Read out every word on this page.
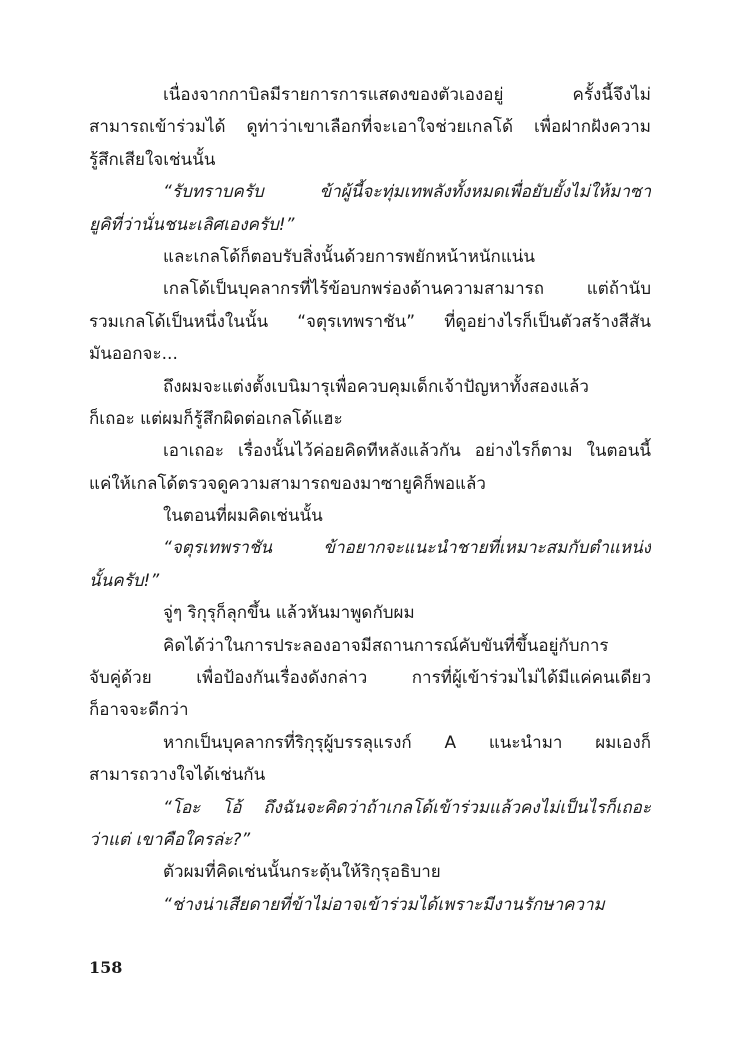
เนื่องจากกาบิลมีรายการการแสดงของตัวเองอยู่ ครั้งนี้จึงไม่
สามารถเข้าร่วมได้ ดูท่าว่าเขาเลือกที่จะเอาใจช่วยเกลโด้ เพื่อฝากฝังความ
รู้สึกเสียใจเช่นนั้น
“รับทราบครับ ข้าผู้นี้จะทุ่มเทพลังทั้งหมดเพื่อยับยั้งไม่ให้มาซา
ยูคิที่ว่านั่นชนะเลิศเองครับ!”
และเกลโด้ก็ตอบรับสิ่งนั้นด้วยการพยักหน้าหนักแน่น
เกลโด้เป็นบุคลากรที่ไร้ข้อบกพร่องด้านความสามารถ แต่ถ้านับ
รวมเกลโด้เป็นหนึ่งในนั้น “จตุรเทพราชัน” ที่ดูอย่างไรก็เป็นตัวสร้างสีสัน
มันออกจะ...
ถึงผมจะแต่งตั้งเบนิมารุเพื่อควบคุมเด็กเจ้าปัญหาทั้งสองแล้ว
ก็เถอะ แต่ผมก็รู้สึกผิดต่อเกลโด้แฮะ
เอาเถอะ เรื่องนั้นไว้ค่อยคิดทีหลังแล้วกัน อย่างไรก็ตาม ในตอนนี้
แค่ให้เกลโด้ตรวจดูความสามารถของมาซายูคิก็พอแล้ว
ในตอนที่ผมคิดเช่นนั้น
“จตุรเทพราชัน ข้าอยากจะแนะนำชายที่เหมาะสมกับตำแหน่ง
นั้นครับ!”
จู่ๆ ริกุรุก็ลุกขึ้น แล้วหันมาพูดกับผม
คิดได้ว่าในการประลองอาจมีสถานการณ์คับขันที่ขึ้นอยู่กับการ
จับคู่ด้วย เพื่อป้องกันเรื่องดังกล่าว การที่ผู้เข้าร่วมไม่ได้มีแค่คนเดียว
ก็อาจจะดีกว่า
หากเป็นบุคลากรที่ริกุรุผู้บรรลุแรงก์ A แนะนำมา ผมเองก็
สามารถวางใจได้เช่นกัน
“โอะ โอ้ ถึงฉันจะคิดว่าถ้าเกลโด้เข้าร่วมแล้วคงไม่เป็นไรก็เถอะ
ว่าแต่ เขาคือใครล่ะ?”
ตัวผมที่คิดเช่นนั้นกระตุ้นให้ริกุรุอธิบาย
“ช่างน่าเสียดายที่ข้าไม่อาจเข้าร่วมได้เพราะมีงานรักษาความ
158
